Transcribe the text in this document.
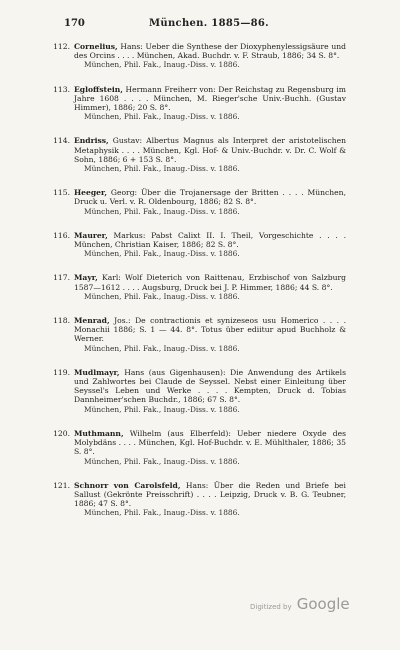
170	München. 1885—86.
112. Cornelius, Hans: Ueber die Synthese der Dioxyphenylessigsäure und des Orcins . . . . München, Akad. Buchdr. v. F. Straub, 1886; 34 S. 8°.
München, Phil. Fak., Inaug.-Diss. v. 1886.
113. Egloffstein, Hermann Freiherr von: Der Reichstag zu Regensburg im Jahre 1608 . . . . München, M. Rieger'sche Univ.-Buchh. (Gustav Himmer), 1886; 20 S. 8°.
München, Phil. Fak., Inaug.-Diss. v. 1886.
114. Endriss, Gustav: Albertus Magnus als Interpret der aristotelischen Metaphysik . . . . München, Kgl. Hof- & Univ.-Buchdr. v. Dr. C. Wolf & Sohn, 1886; 6 + 153 S. 8°.
München, Phil. Fak., Inaug.-Diss. v. 1886.
115. Heeger, Georg: Über die Trojanersage der Britten . . . . München, Druck u. Verl. v. R. Oldenbourg, 1886; 82 S. 8°.
München, Phil. Fak., Inaug.-Diss. v. 1886.
116. Maurer, Markus: Pabst Calixt II. I. Theil, Vorgeschichte . . . . München, Christian Kaiser, 1886; 82 S. 8°.
München, Phil. Fak., Inaug.-Diss. v. 1886.
117. Mayr, Karl: Wolf Dieterich von Raittenau, Erzbischof von Salzburg 1587—1612 . . . . Augsburg, Druck bei J. P. Himmer, 1886; 44 S. 8°.
München, Phil. Fak., Inaug.-Diss. v. 1886.
118. Menrad, Jos.: De contractionis et synizeseos usu Homerico . . . . Monachii 1886; S. 1 — 44. 8°. Totus über ediitur apud Buchholz & Werner.
München, Phil. Fak., Inaug.-Diss. v. 1886.
119. Mudlmayr, Hans (aus Gigenhausen): Die Anwendung des Artikels und Zahlwortes bei Claude de Seyssel. Nebst einer Einleitung über Seyssel's Leben und Werke . . . . Kempten, Druck d. Tobias Dannheimer'schen Buchdr., 1886; 67 S. 8°.
München, Phil. Fak., Inaug.-Diss. v. 1886.
120. Muthmann, Wilhelm (aus Elberfeld): Ueber niedere Oxyde des Molybdäns . . . . München, Kgl. Hof-Buchdr. v. E. Mühlthaler, 1886; 35 S. 8°.
München, Phil. Fak., Inaug.-Diss. v. 1886.
121. Schnorr von Carolsfeld, Hans: Über die Reden und Briefe bei Sallust (Gekrönte Preisschrift) . . . . Leipzig, Druck v. B. G. Teubner, 1886; 47 S. 8°.
München, Phil. Fak., Inaug.-Diss. v. 1886.
Digitized by Google
